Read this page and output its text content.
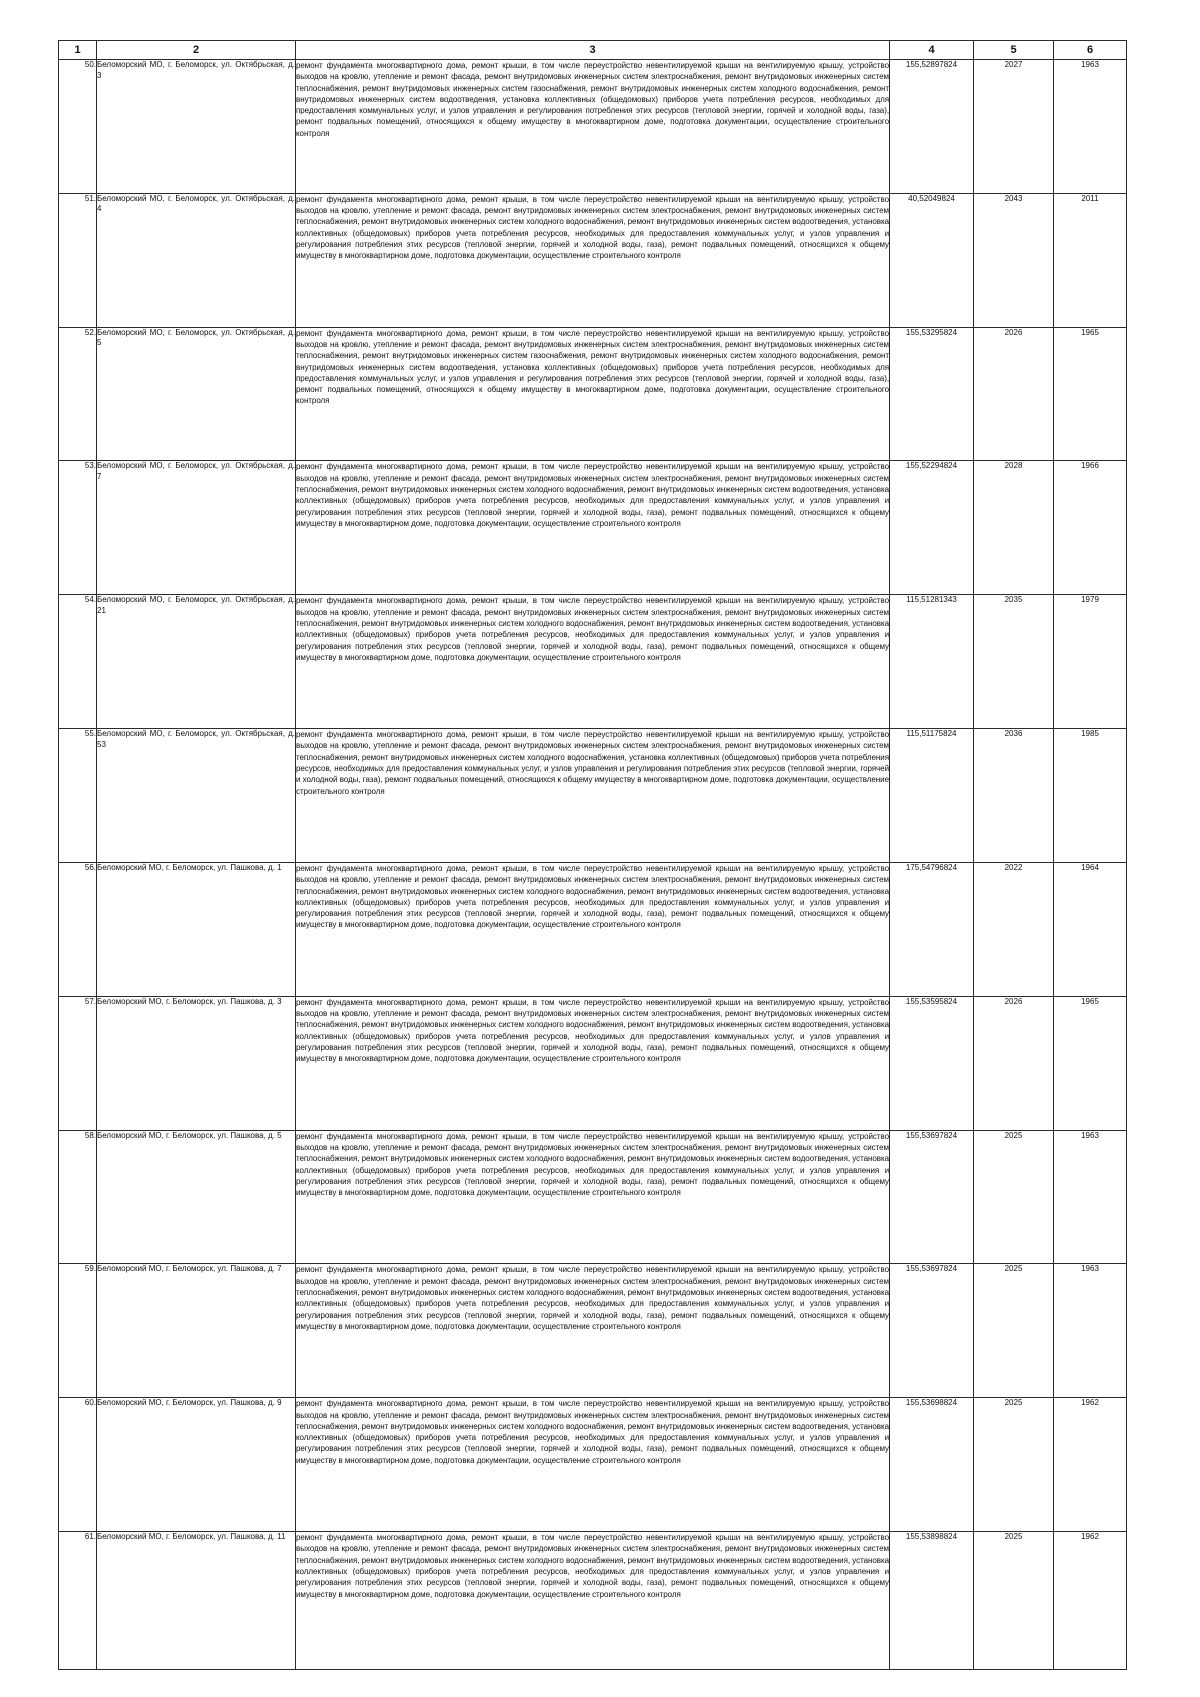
1	2	3	4	5	6
50.	Беломорский МО, г. Беломорск, ул. Октябрьская, д. 3	ремонт фундамента многоквартирного дома, ремонт крыши, в том числе переустройство невентилируемой крыши на вентилируемую крышу, устройство выходов на кровлю, утепление и ремонт фасада, ремонт внутридомовых инженерных систем электроснабжения, ремонт внутридомовых инженерных систем теплоснабжения, ремонт внутридомовых инженерных систем газоснабжения, ремонт внутридомовых инженерных систем холодного водоснабжения, ремонт внутридомовых инженерных систем водоотведения, установка коллективных (общедомовых) приборов учета потребления ресурсов, необходимых для предоставления коммунальных услуг, и узлов управления и регулирования потребления этих ресурсов (тепловой энергии, горячей и холодной воды, газа), ремонт подвальных помещений, относящихся к общему имуществу в многоквартирном доме, подготовка документации, осуществление строительного контроля	155,52897824	2027	1963
51.	Беломорский МО, г. Беломорск, ул. Октябрьская, д. 4	ремонт фундамента многоквартирного дома, ремонт крыши, в том числе переустройство невентилируемой крыши на вентилируемую крышу, устройство выходов на кровлю, утепление и ремонт фасада, ремонт внутридомовых инженерных систем электроснабжения, ремонт внутридомовых инженерных систем теплоснабжения, ремонт внутридомовых инженерных систем холодного водоснабжения, ремонт внутридомовых инженерных систем водоотведения, установка коллективных (общедомовых) приборов учета потребления ресурсов, необходимых для предоставления коммунальных услуг, и узлов управления и регулирования потребления этих ресурсов (тепловой энергии, горячей и холодной воды, газа), ремонт подвальных помещений, относящихся к общему имуществу в многоквартирном доме, подготовка документации, осуществление строительного контроля	40,52049824	2043	2011
52.	Беломорский МО, г. Беломорск, ул. Октябрьская, д. 5	ремонт фундамента многоквартирного дома, ремонт крыши, в том числе переустройство невентилируемой крыши на вентилируемую крышу, устройство выходов на кровлю, утепление и ремонт фасада, ремонт внутридомовых инженерных систем электроснабжения, ремонт внутридомовых инженерных систем теплоснабжения, ремонт внутридомовых инженерных систем газоснабжения, ремонт внутридомовых инженерных систем холодного водоснабжения, ремонт внутридомовых инженерных систем водоотведения, установка коллективных (общедомовых) приборов учета потребления ресурсов, необходимых для предоставления коммунальных услуг, и узлов управления и регулирования потребления этих ресурсов (тепловой энергии, горячей и холодной воды, газа), ремонт подвальных помещений, относящихся к общему имуществу в многоквартирном доме, подготовка документации, осуществление строительного контроля	155,53295824	2026	1965
53.	Беломорский МО, г. Беломорск, ул. Октябрьская, д. 7	ремонт фундамента многоквартирного дома, ремонт крыши, в том числе переустройство невентилируемой крыши на вентилируемую крышу, устройство выходов на кровлю, утепление и ремонт фасада, ремонт внутридомовых инженерных систем электроснабжения, ремонт внутридомовых инженерных систем теплоснабжения, ремонт внутридомовых инженерных систем холодного водоснабжения, ремонт внутридомовых инженерных систем водоотведения, установка коллективных (общедомовых) приборов учета потребления ресурсов, необходимых для предоставления коммунальных услуг, и узлов управления и регулирования потребления этих ресурсов (тепловой энергии, горячей и холодной воды, газа), ремонт подвальных помещений, относящихся к общему имуществу в многоквартирном доме, подготовка документации, осуществление строительного контроля	155,52294824	2028	1966
54.	Беломорский МО, г. Беломорск, ул. Октябрьская, д. 21	ремонт фундамента многоквартирного дома, ремонт крыши, в том числе переустройство невентилируемой крыши на вентилируемую крышу, устройство выходов на кровлю, утепление и ремонт фасада, ремонт внутридомовых инженерных систем электроснабжения, ремонт внутридомовых инженерных систем теплоснабжения, ремонт внутридомовых инженерных систем холодного водоснабжения, ремонт внутридомовых инженерных систем водоотведения, установка коллективных (общедомовых) приборов учета потребления ресурсов, необходимых для предоставления коммунальных услуг, и узлов управления и регулирования потребления этих ресурсов (тепловой энергии, горячей и холодной воды, газа), ремонт подвальных помещений, относящихся к общему имуществу в многоквартирном доме, подготовка документации, осуществление строительного контроля	115,51281343	2035	1979
55.	Беломорский МО, г. Беломорск, ул. Октябрьская, д. 53	ремонт фундамента многоквартирного дома, ремонт крыши, в том числе переустройство невентилируемой крыши на вентилируемую крышу, устройство выходов на кровлю, утепление и ремонт фасада, ремонт внутридомовых инженерных систем электроснабжения, ремонт внутридомовых инженерных систем теплоснабжения, ремонт внутридомовых инженерных систем холодного водоснабжения, установка коллективных (общедомовых) приборов учета потребления ресурсов, необходимых для предоставления коммунальных услуг, и узлов управления и регулирования потребления этих ресурсов (тепловой энергии, горячей и холодной воды, газа), ремонт подвальных помещений, относящихся к общему имуществу в многоквартирном доме, подготовка документации, осуществление строительного контроля	115,51175824	2036	1985
56.	Беломорский МО, г. Беломорск, ул. Пашкова, д. 1	ремонт фундамента многоквартирного дома, ремонт крыши, в том числе переустройство невентилируемой крыши на вентилируемую крышу, устройство выходов на кровлю, утепление и ремонт фасада, ремонт внутридомовых инженерных систем электроснабжения, ремонт внутридомовых инженерных систем теплоснабжения, ремонт внутридомовых инженерных систем холодного водоснабжения, ремонт внутридомовых инженерных систем водоотведения, установка коллективных (общедомовых) приборов учета потребления ресурсов, необходимых для предоставления коммунальных услуг, и узлов управления и регулирования потребления этих ресурсов (тепловой энергии, горячей и холодной воды, газа), ремонт подвальных помещений, относящихся к общему имуществу в многоквартирном доме, подготовка документации, осуществление строительного контроля	175,54796824	2022	1964
57.	Беломорский МО, г. Беломорск, ул. Пашкова, д. 3	ремонт фундамента многоквартирного дома, ремонт крыши, в том числе переустройство невентилируемой крыши на вентилируемую крышу, устройство выходов на кровлю, утепление и ремонт фасада, ремонт внутридомовых инженерных систем электроснабжения, ремонт внутридомовых инженерных систем теплоснабжения, ремонт внутридомовых инженерных систем холодного водоснабжения, ремонт внутридомовых инженерных систем водоотведения, установка коллективных (общедомовых) приборов учета потребления ресурсов, необходимых для предоставления коммунальных услуг, и узлов управления и регулирования потребления этих ресурсов (тепловой энергии, горячей и холодной воды, газа), ремонт подвальных помещений, относящихся к общему имуществу в многоквартирном доме, подготовка документации, осуществление строительного контроля	155,53595824	2026	1965
58.	Беломорский МО, г. Беломорск, ул. Пашкова, д. 5	ремонт фундамента многоквартирного дома, ремонт крыши, в том числе переустройство невентилируемой крыши на вентилируемую крышу, устройство выходов на кровлю, утепление и ремонт фасада, ремонт внутридомовых инженерных систем электроснабжения, ремонт внутридомовых инженерных систем теплоснабжения, ремонт внутридомовых инженерных систем холодного водоснабжения, ремонт внутридомовых инженерных систем водоотведения, установка коллективных (общедомовых) приборов учета потребления ресурсов, необходимых для предоставления коммунальных услуг, и узлов управления и регулирования потребления этих ресурсов (тепловой энергии, горячей и холодной воды, газа), ремонт подвальных помещений, относящихся к общему имуществу в многоквартирном доме, подготовка документации, осуществление строительного контроля	155,53697824	2025	1963
59.	Беломорский МО, г. Беломорск, ул. Пашкова, д. 7	ремонт фундамента многоквартирного дома, ремонт крыши, в том числе переустройство невентилируемой крыши на вентилируемую крышу, устройство выходов на кровлю, утепление и ремонт фасада, ремонт внутридомовых инженерных систем электроснабжения, ремонт внутридомовых инженерных систем теплоснабжения, ремонт внутридомовых инженерных систем холодного водоснабжения, ремонт внутридомовых инженерных систем водоотведения, установка коллективных (общедомовых) приборов учета потребления ресурсов, необходимых для предоставления коммунальных услуг, и узлов управления и регулирования потребления этих ресурсов (тепловой энергии, горячей и холодной воды, газа), ремонт подвальных помещений, относящихся к общему имуществу в многоквартирном доме, подготовка документации, осуществление строительного контроля	155,53697824	2025	1963
60.	Беломорский МО, г. Беломорск, ул. Пашкова, д. 9	ремонт фундамента многоквартирного дома, ремонт крыши, в том числе переустройство невентилируемой крыши на вентилируемую крышу, устройство выходов на кровлю, утепление и ремонт фасада, ремонт внутридомовых инженерных систем электроснабжения, ремонт внутридомовых инженерных систем теплоснабжения, ремонт внутридомовых инженерных систем холодного водоснабжения, ремонт внутридомовых инженерных систем водоотведения, установка коллективных (общедомовых) приборов учета потребления ресурсов, необходимых для предоставления коммунальных услуг, и узлов управления и регулирования потребления этих ресурсов (тепловой энергии, горячей и холодной воды, газа), ремонт подвальных помещений, относящихся к общему имуществу в многоквартирном доме, подготовка документации, осуществление строительного контроля	155,53698824	2025	1962
61.	Беломорский МО, г. Беломорск, ул. Пашкова, д. 11	ремонт фундамента многоквартирного дома, ремонт крыши, в том числе переустройство невентилируемой крыши на вентилируемую крышу, устройство выходов на кровлю, утепление и ремонт фасада, ремонт внутридомовых инженерных систем электроснабжения, ремонт внутридомовых инженерных систем теплоснабжения, ремонт внутридомовых инженерных систем холодного водоснабжения, ремонт внутридомовых инженерных систем водоотведения, установка коллективных (общедомовых) приборов учета потребления ресурсов, необходимых для предоставления коммунальных услуг, и узлов управления и регулирования потребления этих ресурсов (тепловой энергии, горячей и холодной воды, газа), ремонт подвальных помещений, относящихся к общему имуществу в многоквартирном доме, подготовка документации, осуществление строительного контроля	155,53898824	2025	1962
